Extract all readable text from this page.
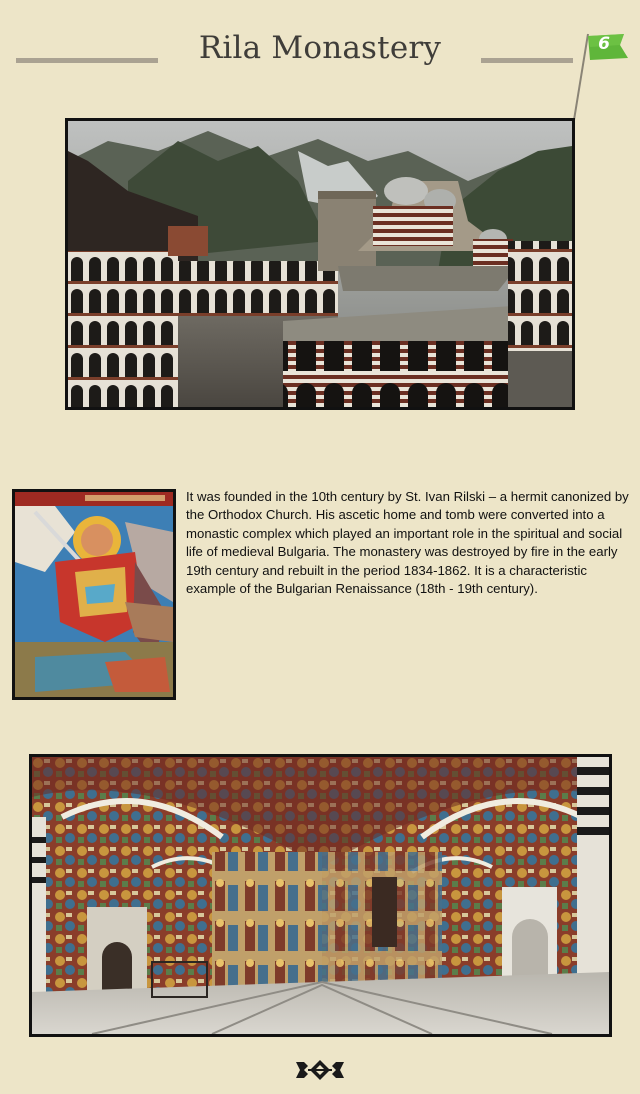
Rila Monastery	6
It was founded in the 10th century by St. Ivan Rilski – a hermit canonized by the Orthodox Church. His ascetic home and tomb were converted into a monastic complex which played an important role in the spiritual and social life of medieval Bulgaria. The monastery was destroyed by fire in the early 19th century and rebuilt in the period 1834-1862. It is a characteristic example of the Bulgarian Renaissance (18th - 19th century).
